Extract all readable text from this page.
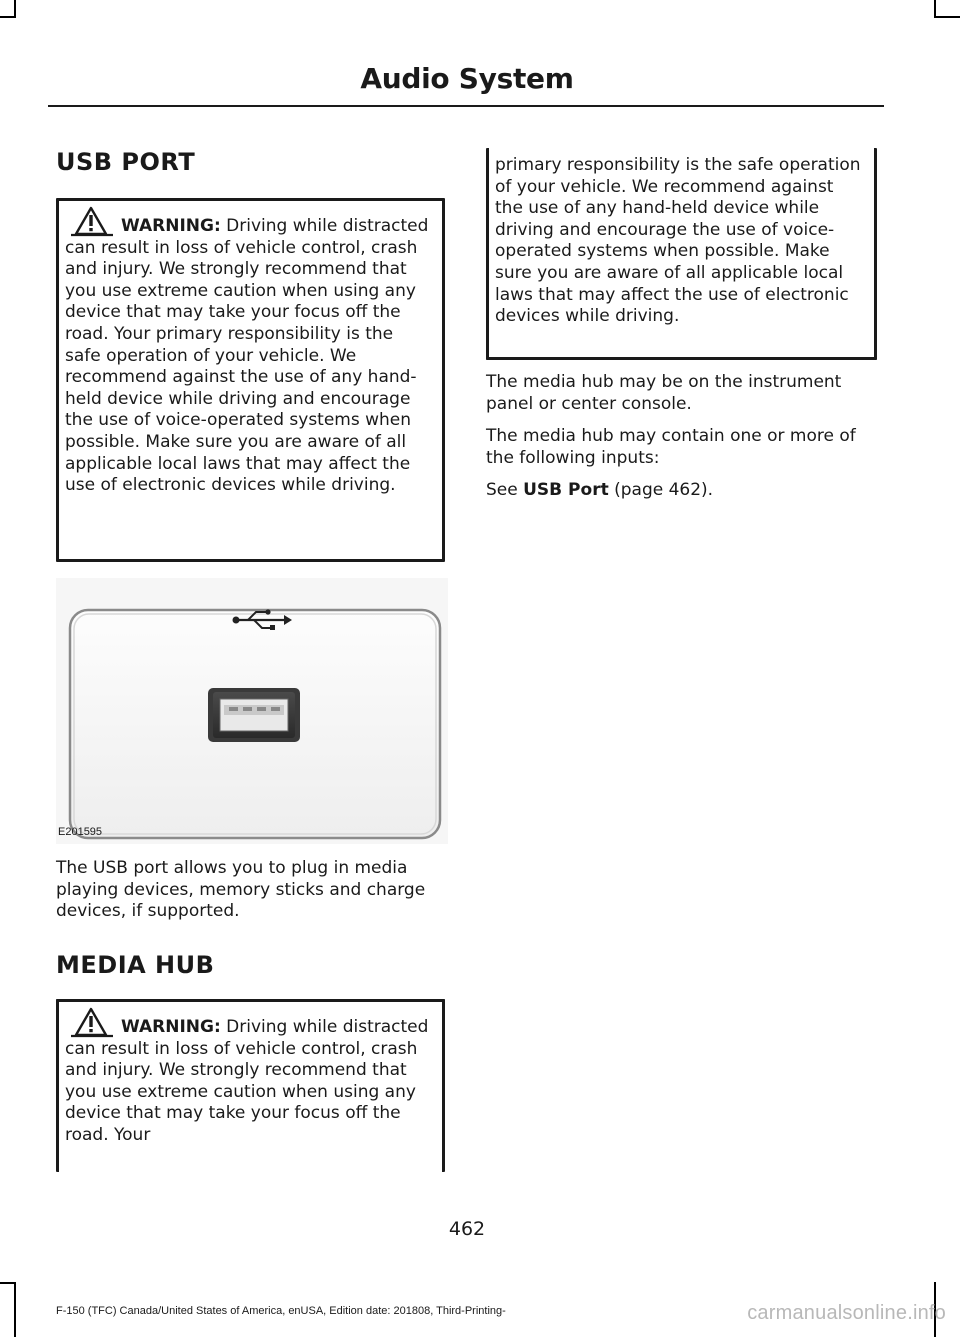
Audio System
USB PORT
WARNING: Driving while distracted can result in loss of vehicle control, crash and injury. We strongly recommend that you use extreme caution when using any device that may take your focus off the road. Your primary responsibility is the safe operation of your vehicle. We recommend against the use of any hand-held device while driving and encourage the use of voice-operated systems when possible. Make sure you are aware of all applicable local laws that may affect the use of electronic devices while driving.
E201595
The USB port allows you to plug in media playing devices, memory sticks and charge devices, if supported.
MEDIA HUB
WARNING: Driving while distracted can result in loss of vehicle control, crash and injury. We strongly recommend that you use extreme caution when using any device that may take your focus off the road. Your
primary responsibility is the safe operation of your vehicle. We recommend against the use of any hand-held device while driving and encourage the use of voice-operated systems when possible. Make sure you are aware of all applicable local laws that may affect the use of electronic devices while driving.
The media hub may be on the instrument panel or center console.
The media hub may contain one or more of the following inputs:
See USB Port (page 462).
462
F-150 (TFC) Canada/United States of America, enUSA, Edition date: 201808, Third-Printing-	carmanualsonline.info
